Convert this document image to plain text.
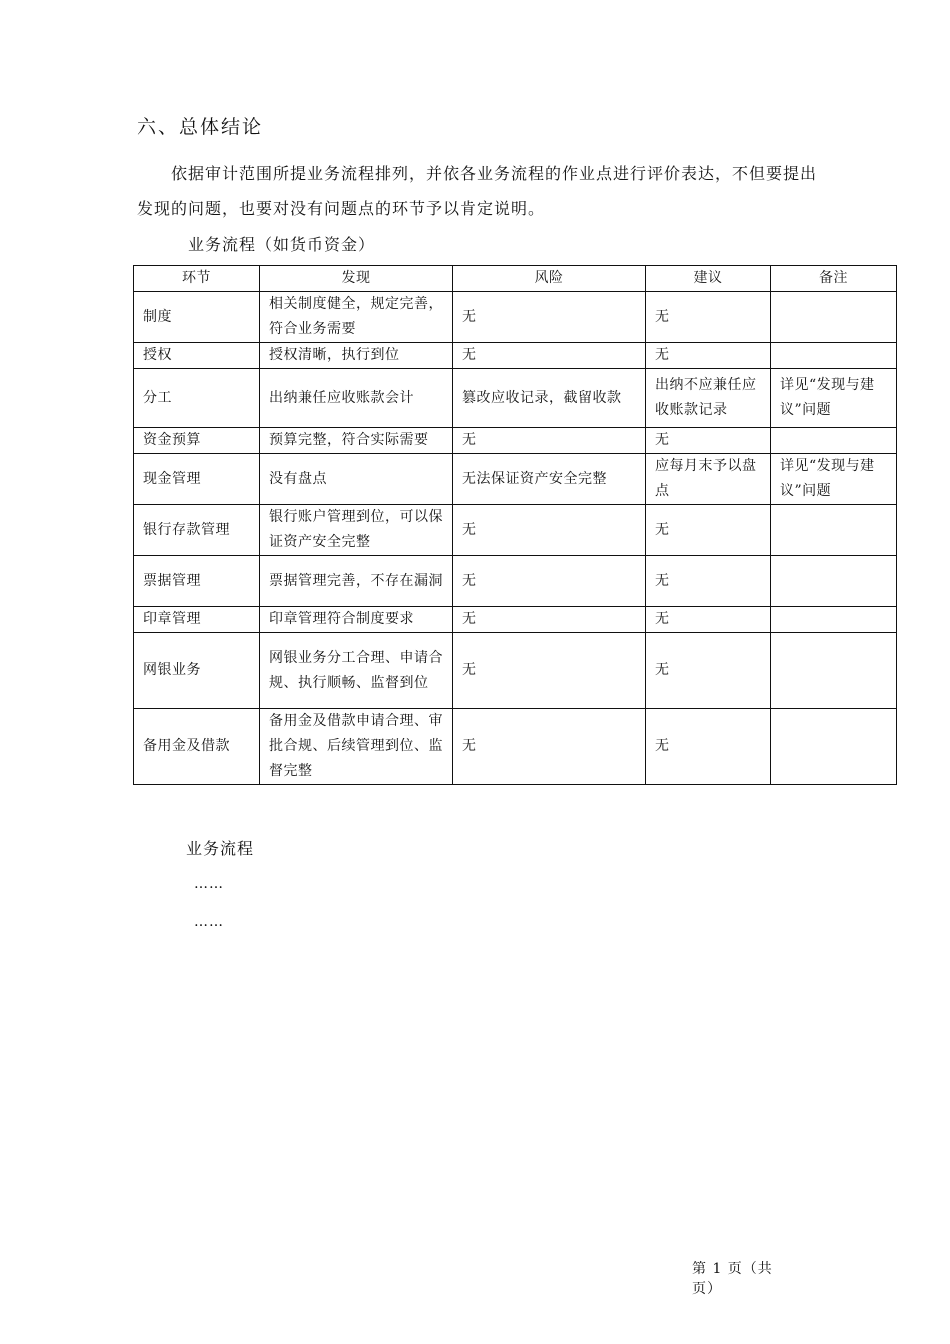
六、总体结论

依据审计范围所提业务流程排列，并依各业务流程的作业点进行评价表达，不但要提出发现的问题，也要对没有问题点的环节予以肯定说明。

业务流程（如货币资金）
环节	发现	风险	建议	备注
制度	相关制度健全，规定完善，符合业务需要	无	无	
授权	授权清晰，执行到位	无	无	
分工	出纳兼任应收账款会计	篡改应收记录，截留收款	出纳不应兼任应收账款记录	详见“发现与建议”问题
资金预算	预算完整，符合实际需要	无	无	
现金管理	没有盘点	无法保证资产安全完整	应每月末予以盘点	详见“发现与建议”问题
银行存款管理	银行账户管理到位，可以保证资产安全完整	无	无	
票据管理	票据管理完善，不存在漏洞	无	无	
印章管理	印章管理符合制度要求	无	无	
网银业务	网银业务分工合理、申请合规、执行顺畅、监督到位	无	无	
备用金及借款	备用金及借款申请合理、审批合规、后续管理到位、监督完整	无	无	
业务流程
……
……
第 1 页（共 页）
